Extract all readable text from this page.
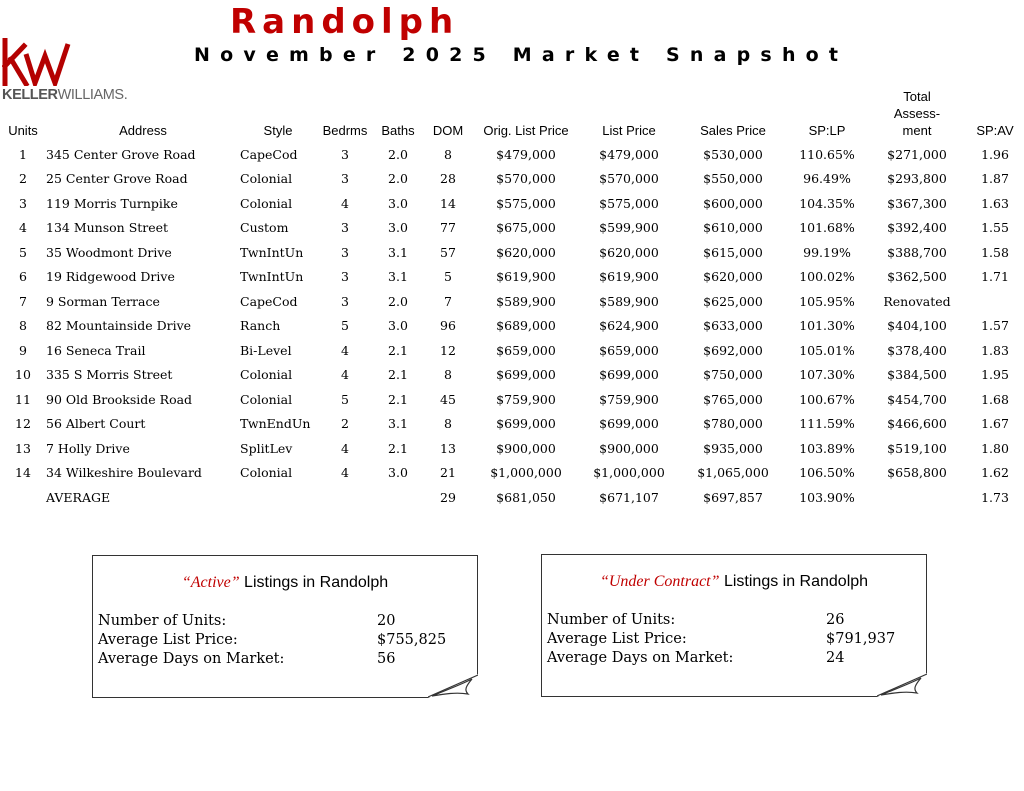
KELLERWILLIAMS.
Randolph
November 2025 Market Snapshot
Units	Address	Style	Bedrms	Baths	DOM	Orig. List Price	List Price	Sales Price	SP:LP	Total Assess-ment	SP:AV
1	345 Center Grove Road	CapeCod	3	2.0	8	$479,000	$479,000	$530,000	110.65%	$271,000	1.96
2	25 Center Grove Road	Colonial	3	2.0	28	$570,000	$570,000	$550,000	96.49%	$293,800	1.87
3	119 Morris Turnpike	Colonial	4	3.0	14	$575,000	$575,000	$600,000	104.35%	$367,300	1.63
4	134 Munson Street	Custom	3	3.0	77	$675,000	$599,900	$610,000	101.68%	$392,400	1.55
5	35 Woodmont Drive	TwnIntUn	3	3.1	57	$620,000	$620,000	$615,000	99.19%	$388,700	1.58
6	19 Ridgewood Drive	TwnIntUn	3	3.1	5	$619,900	$619,900	$620,000	100.02%	$362,500	1.71
7	9 Sorman Terrace	CapeCod	3	2.0	7	$589,900	$589,900	$625,000	105.95%	Renovated	
8	82 Mountainside Drive	Ranch	5	3.0	96	$689,000	$624,900	$633,000	101.30%	$404,100	1.57
9	16 Seneca Trail	Bi-Level	4	2.1	12	$659,000	$659,000	$692,000	105.01%	$378,400	1.83
10	335 S Morris Street	Colonial	4	2.1	8	$699,000	$699,000	$750,000	107.30%	$384,500	1.95
11	90 Old Brookside Road	Colonial	5	2.1	45	$759,900	$759,900	$765,000	100.67%	$454,700	1.68
12	56 Albert Court	TwnEndUn	2	3.1	8	$699,000	$699,000	$780,000	111.59%	$466,600	1.67
13	7 Holly Drive	SplitLev	4	2.1	13	$900,000	$900,000	$935,000	103.89%	$519,100	1.80
14	34 Wilkeshire Boulevard	Colonial	4	3.0	21	$1,000,000	$1,000,000	$1,065,000	106.50%	$658,800	1.62
	AVERAGE				29	$681,050	$671,107	$697,857	103.90%		1.73
“Active” Listings in Randolph
Number of Units:	20
Average List Price:	$755,825
Average Days on Market:	56
“Under Contract” Listings in Randolph
Number of Units:	26
Average List Price:	$791,937
Average Days on Market:	24
